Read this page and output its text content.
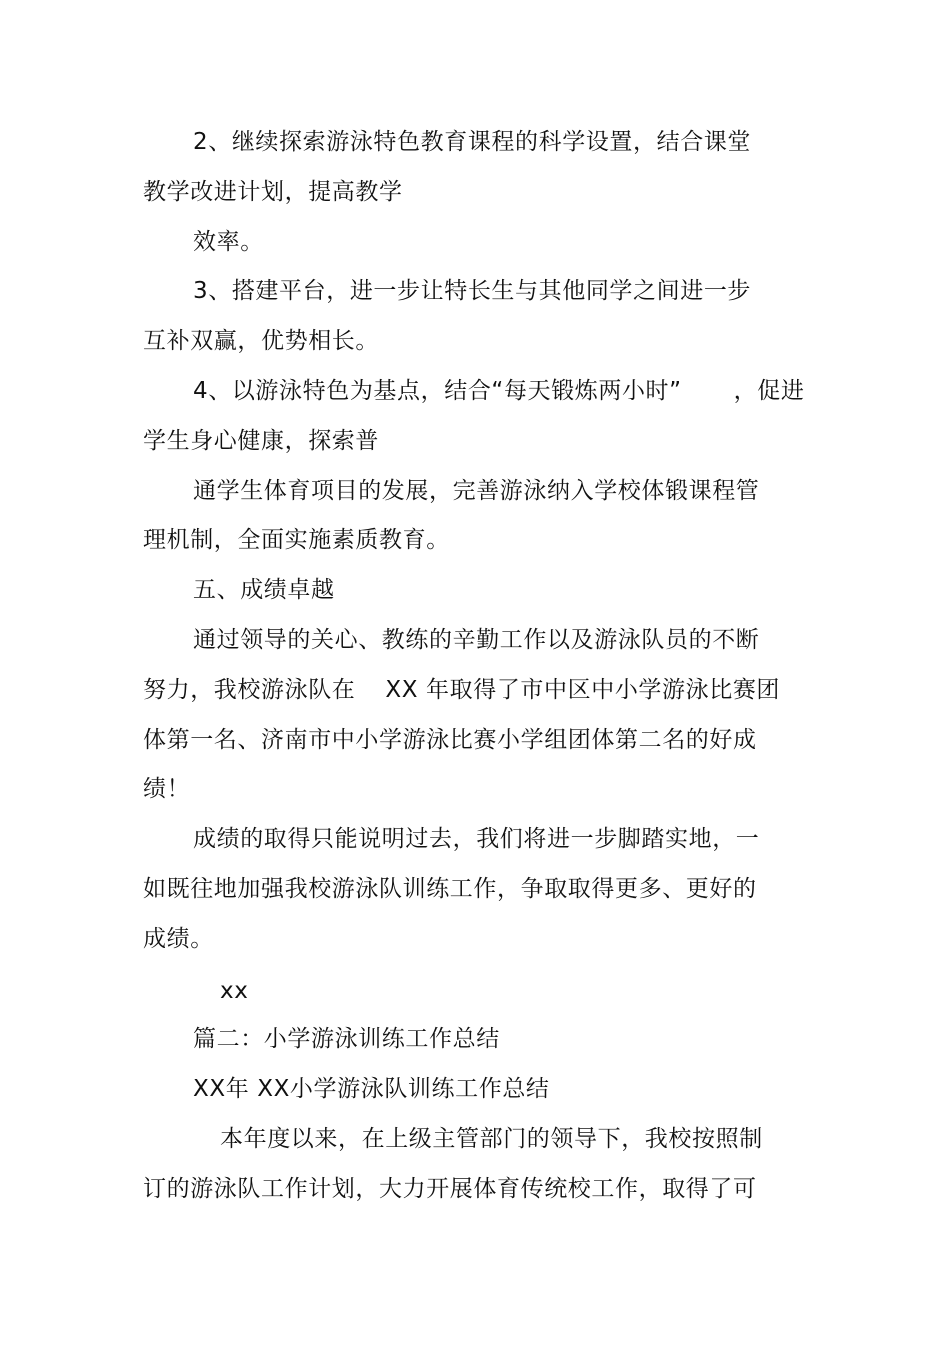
2、继续探索游泳特色教育课程的科学设置，结合课堂
教学改进计划，提高教学
效率。
3、搭建平台，进一步让特长生与其他同学之间进一步
互补双赢，优势相长。
4、以游泳特色为基点，结合“每天锻炼两小时” ，促进
学生身心健康，探索普
通学生体育项目的发展，完善游泳纳入学校体锻课程管
理机制，全面实施素质教育。
五、成绩卓越
通过领导的关心、教练的辛勤工作以及游泳队员的不断
努力，我校游泳队在 XX 年取得了市中区中小学游泳比赛团
体第一名、济南市中小学游泳比赛小学组团体第二名的好成
绩！
成绩的取得只能说明过去，我们将进一步脚踏实地，一
如既往地加强我校游泳队训练工作，争取取得更多、更好的
成绩。
xx
篇二：小学游泳训练工作总结
XX年 XX小学游泳队训练工作总结
本年度以来，在上级主管部门的领导下，我校按照制
订的游泳队工作计划，大力开展体育传统校工作，取得了可
